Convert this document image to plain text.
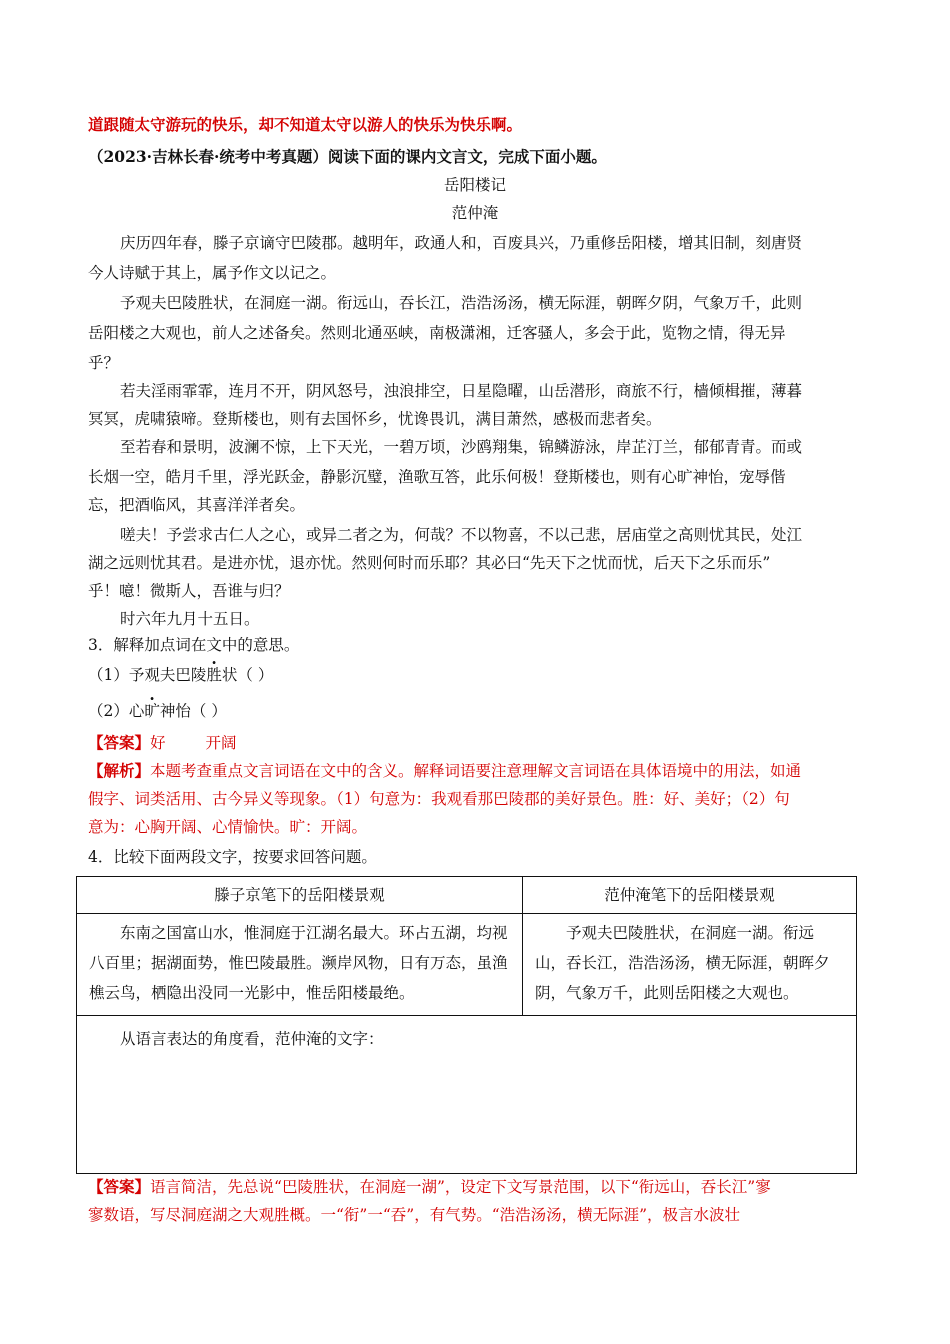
道跟随太守游玩的快乐，却不知道太守以游人的快乐为快乐啊。
（2023·吉林长春·统考中考真题）阅读下面的课内文言文，完成下面小题。
岳阳楼记
范仲淹
庆历四年春，滕子京谪守巴陵郡。越明年，政通人和，百废具兴，乃重修岳阳楼，增其旧制，刻唐贤
今人诗赋于其上，属予作文以记之。
予观夫巴陵胜状，在洞庭一湖。衔远山，吞长江，浩浩汤汤，横无际涯，朝晖夕阴，气象万千，此则
岳阳楼之大观也，前人之述备矣。然则北通巫峡，南极潇湘，迁客骚人，多会于此，览物之情，得无异
乎？
若夫淫雨霏霏，连月不开，阴风怒号，浊浪排空，日星隐曜，山岳潜形，商旅不行，樯倾楫摧，薄暮
冥冥，虎啸猿啼。登斯楼也，则有去国怀乡，忧谗畏讥，满目萧然，感极而悲者矣。
至若春和景明，波澜不惊，上下天光，一碧万顷，沙鸥翔集，锦鳞游泳，岸芷汀兰，郁郁青青。而或
长烟一空，皓月千里，浮光跃金，静影沉璧，渔歌互答，此乐何极！登斯楼也，则有心旷神怡，宠辱偕
忘，把酒临风，其喜洋洋者矣。
嗟夫！予尝求古仁人之心，或异二者之为，何哉？不以物喜，不以己悲，居庙堂之高则忧其民，处江
湖之远则忧其君。是进亦忧，退亦忧。然则何时而乐耶？其必曰“先天下之忧而忧，后天下之乐而乐”
乎！噫！微斯人，吾谁与归？
时六年九月十五日。
3．解释加点词在文中的意思。
（1）予观夫巴陵胜状（ ）
（2）心旷神怡（ ）
【答案】好	开阔
【解析】本题考查重点文言词语在文中的含义。解释词语要注意理解文言词语在具体语境中的用法，如通
假字、词类活用、古今异义等现象。（1）句意为：我观看那巴陵郡的美好景色。胜：好、美好；（2）句
意为：心胸开阔、心情愉快。旷：开阔。
4．比较下面两段文字，按要求回答问题。
滕子京笔下的岳阳楼景观	范仲淹笔下的岳阳楼景观

东南之国富山水，惟洞庭于江湖名最大。环占五湖，均视八百里；据湖面势，惟巴陵最胜。濒岸风物，日有万态，虽渔樵云鸟，栖隐出没同一光影中，惟岳阳楼最绝。	予观夫巴陵胜状，在洞庭一湖。衔远山，吞长江，浩浩汤汤，横无际涯，朝晖夕阴，气象万千，此则岳阳楼之大观也。

从语言表达的角度看，范仲淹的文字：	

【答案】语言简洁，先总说“巴陵胜状，在洞庭一湖”，设定下文写景范围，以下“衔远山，吞长江”寥
寥数语，写尽洞庭湖之大观胜概。一“衔”一“吞”，有气势。“浩浩汤汤，横无际涯”，极言水波壮
